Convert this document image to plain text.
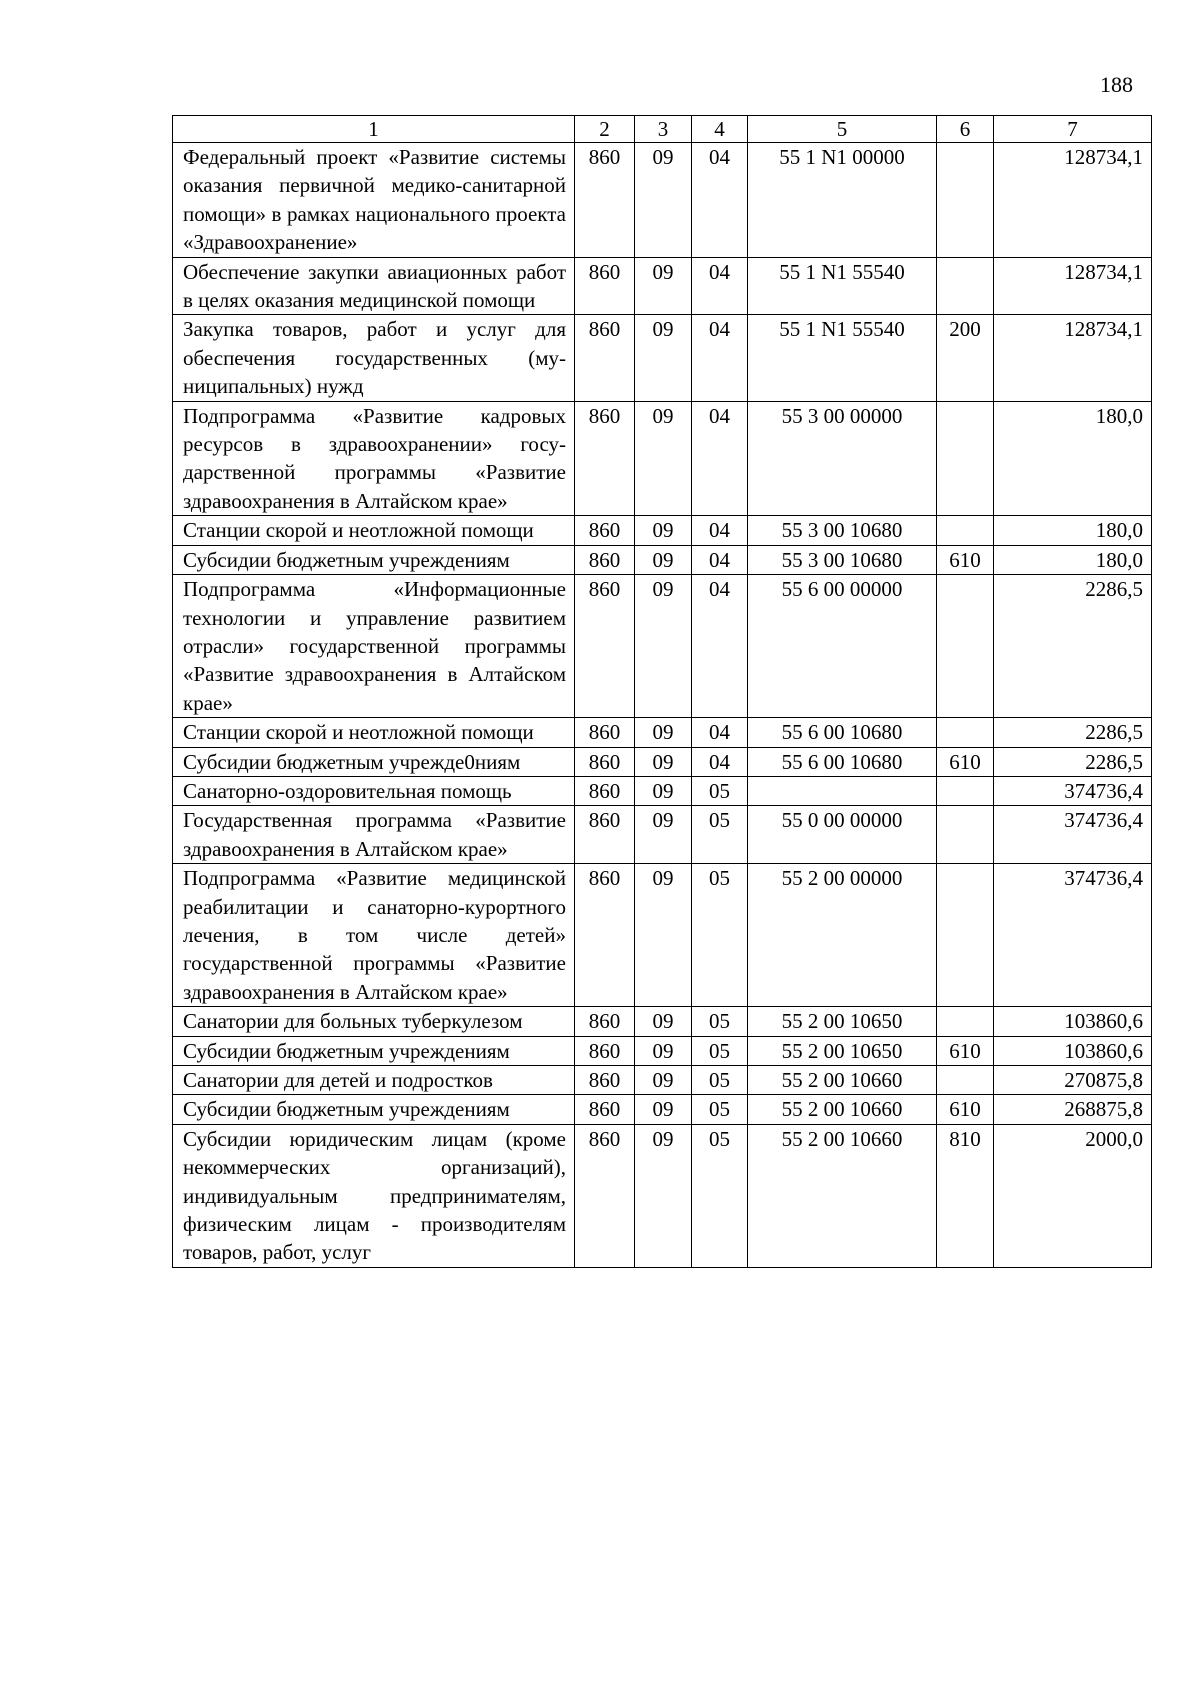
188
1	2	3	4	5	6	7
Федеральный проект «Развитие системы оказания первичной медико-санитарной помощи» в рамках национального проекта «Здравоохранение»	860	09	04	55 1 N1 00000		128734,1
Обеспечение закупки авиационных работ в целях оказания медицинской помощи	860	09	04	55 1 N1 55540		128734,1
Закупка товаров, работ и услуг для обеспечения государственных (муниципальных) нужд	860	09	04	55 1 N1 55540	200	128734,1
Подпрограмма «Развитие кадровых ресурсов в здравоохранении» государственной программы «Развитие здравоохранения в Алтайском крае»	860	09	04	55 3 00 00000		180,0
Станции скорой и неотложной помощи	860	09	04	55 3 00 10680		180,0
Субсидии бюджетным учреждениям	860	09	04	55 3 00 10680	610	180,0
Подпрограмма «Информационные технологии и управление развитием отрасли» государственной программы «Развитие здравоохранения в Алтайском крае»	860	09	04	55 6 00 00000		2286,5
Станции скорой и неотложной помощи	860	09	04	55 6 00 10680		2286,5
Субсидии бюджетным учрежде0ниям	860	09	04	55 6 00 10680	610	2286,5
Санаторно-оздоровительная помощь	860	09	05			374736,4
Государственная программа «Развитие здравоохранения в Алтайском крае»	860	09	05	55 0 00 00000		374736,4
Подпрограмма «Развитие медицинской реабилитации и санаторно-курортного лечения, в том числе детей» государственной программы «Развитие здравоохранения в Алтайском крае»	860	09	05	55 2 00 00000		374736,4
Санатории для больных туберкулезом	860	09	05	55 2 00 10650		103860,6
Субсидии бюджетным учреждениям	860	09	05	55 2 00 10650	610	103860,6
Санатории для детей и подростков	860	09	05	55 2 00 10660		270875,8
Субсидии бюджетным учреждениям	860	09	05	55 2 00 10660	610	268875,8
Субсидии юридическим лицам (кроме некоммерческих организаций), индивидуальным предпринимателям, физическим лицам - производителям товаров, работ, услуг	860	09	05	55 2 00 10660	810	2000,0
